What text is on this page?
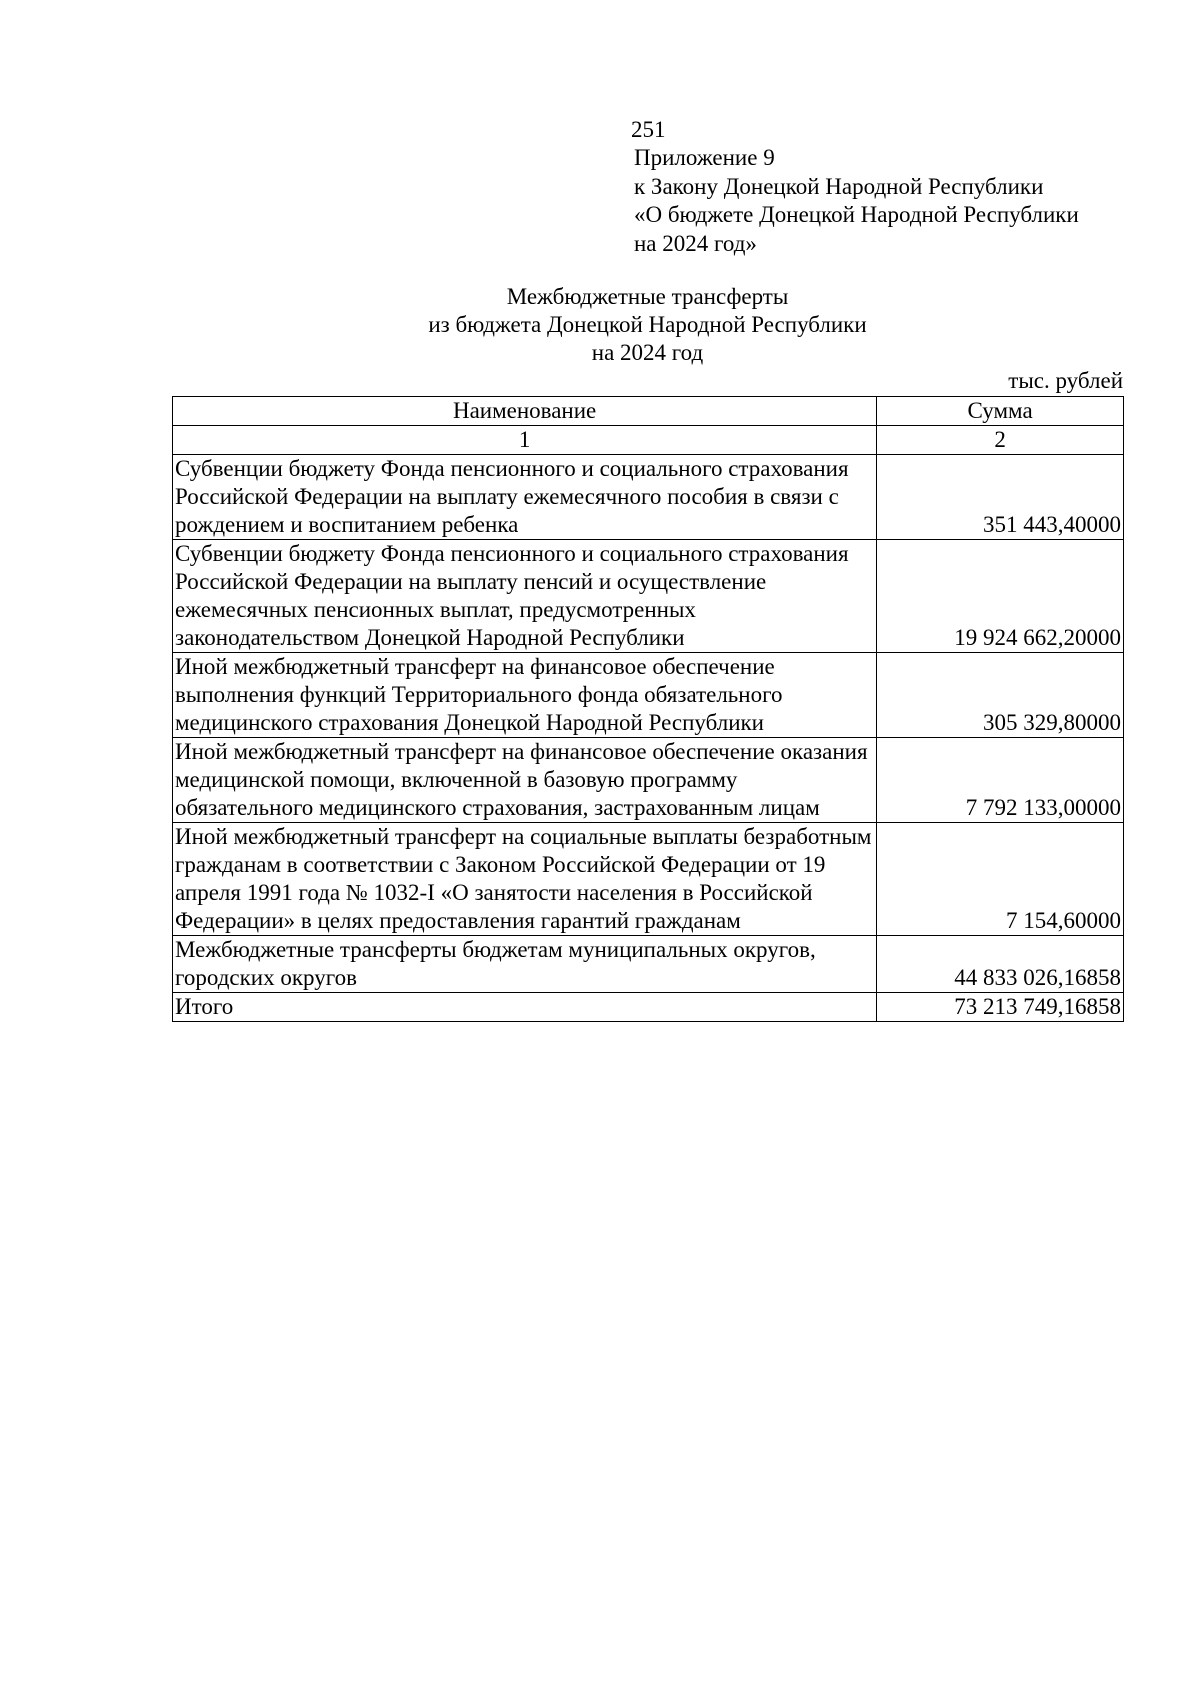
251
Приложение 9
к Закону Донецкой Народной Республики
«О бюджете Донецкой Народной Республики
на 2024 год»
Межбюджетные трансферты
из бюджета Донецкой Народной Республики
на 2024 год
тыс. рублей
Наименование	Сумма
1	2
Субвенции бюджету Фонда пенсионного и социального страхования Российской Федерации на выплату ежемесячного пособия в связи с рождением и воспитанием ребенка	351 443,40000
Субвенции бюджету Фонда пенсионного и социального страхования Российской Федерации на выплату пенсий и осуществление ежемесячных пенсионных выплат, предусмотренных законодательством Донецкой Народной Республики	19 924 662,20000
Иной межбюджетный трансферт на финансовое обеспечение выполнения функций Территориального фонда обязательного медицинского страхования Донецкой Народной Республики	305 329,80000
Иной межбюджетный трансферт на финансовое обеспечение оказания медицинской помощи, включенной в базовую программу обязательного медицинского страхования, застрахованным лицам	7 792 133,00000
Иной межбюджетный трансферт на социальные выплаты безработным гражданам в соответствии с Законом Российской Федерации от 19 апреля 1991 года № 1032-I «О занятости населения в Российской Федерации» в целях предоставления гарантий гражданам	7 154,60000
Межбюджетные трансферты бюджетам муниципальных округов, городских округов	44 833 026,16858
Итого	73 213 749,16858
